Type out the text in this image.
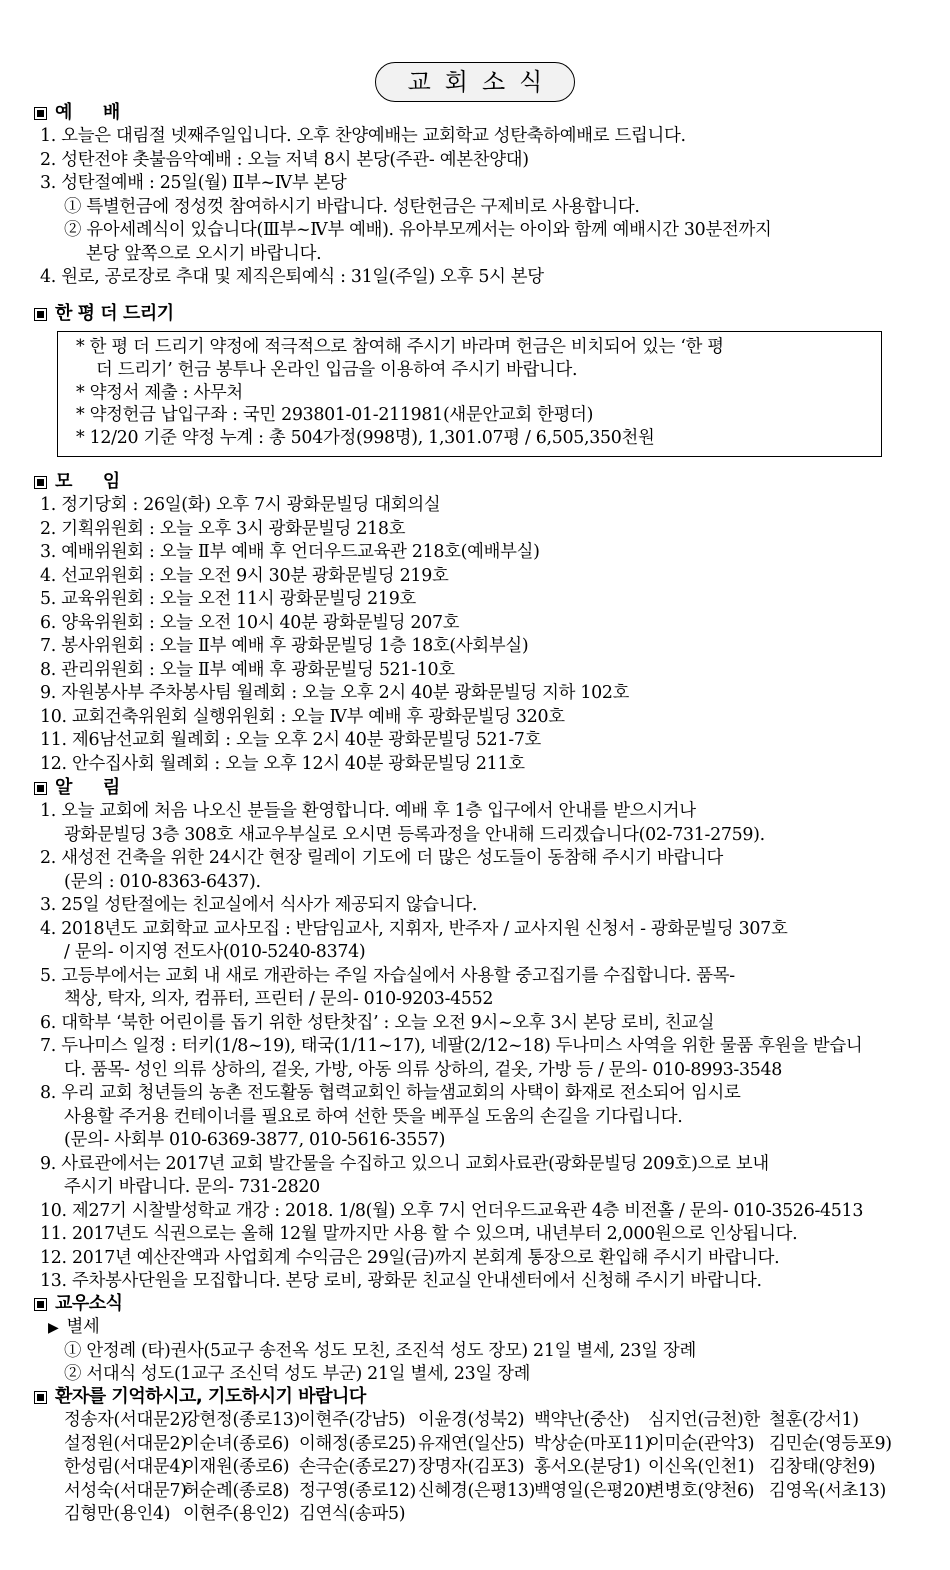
교회소식
예  배
1. 오늘은 대림절 넷째주일입니다. 오후 찬양예배는 교회학교 성탄축하예배로 드립니다.
2. 성탄전야 촛불음악예배 : 오늘 저녁 8시 본당(주관- 예본찬양대)
3. 성탄절예배 : 25일(월) Ⅱ부~Ⅳ부 본당
① 특별헌금에 정성껏 참여하시기 바랍니다. 성탄헌금은 구제비로 사용합니다.
② 유아세례식이 있습니다(Ⅲ부~Ⅳ부 예배). 유아부모께서는 아이와 함께 예배시간 30분전까지
본당 앞쪽으로 오시기 바랍니다.
4. 원로, 공로장로 추대 및 제직은퇴예식 : 31일(주일) 오후 5시 본당
한 평 더 드리기
* 한 평 더 드리기 약정에 적극적으로 참여해 주시기 바라며 헌금은 비치되어 있는 ‘한 평
더 드리기’ 헌금 봉투나 온라인 입금을 이용하여 주시기 바랍니다.
* 약정서 제출 : 사무처
* 약정헌금 납입구좌 : 국민 293801-01-211981(새문안교회 한평더)
* 12/20 기준 약정 누계 : 총 504가정(998명), 1,301.07평 / 6,505,350천원
모  임
1. 정기당회 : 26일(화) 오후 7시 광화문빌딩 대회의실
2. 기획위원회 : 오늘 오후 3시 광화문빌딩 218호
3. 예배위원회 : 오늘 Ⅱ부 예배 후 언더우드교육관 218호(예배부실)
4. 선교위원회 : 오늘 오전 9시 30분 광화문빌딩 219호
5. 교육위원회 : 오늘 오전 11시 광화문빌딩 219호
6. 양육위원회 : 오늘 오전 10시 40분 광화문빌딩 207호
7. 봉사위원회 : 오늘 Ⅱ부 예배 후 광화문빌딩 1층 18호(사회부실)
8. 관리위원회 : 오늘 Ⅱ부 예배 후 광화문빌딩 521-10호
9. 자원봉사부 주차봉사팀 월례회 : 오늘 오후 2시 40분 광화문빌딩 지하 102호
10. 교회건축위원회 실행위원회 : 오늘 Ⅳ부 예배 후 광화문빌딩 320호
11. 제6남선교회 월례회 : 오늘 오후 2시 40분 광화문빌딩 521-7호
12. 안수집사회 월례회 : 오늘 오후 12시 40분 광화문빌딩 211호
알  림
1. 오늘 교회에 처음 나오신 분들을 환영합니다. 예배 후 1층 입구에서 안내를 받으시거나
광화문빌딩 3층 308호 새교우부실로 오시면 등록과정을 안내해 드리겠습니다(02-731-2759).
2. 새성전 건축을 위한 24시간 현장 릴레이 기도에 더 많은 성도들이 동참해 주시기 바랍니다
(문의 : 010-8363-6437).
3. 25일 성탄절에는 친교실에서 식사가 제공되지 않습니다.
4. 2018년도 교회학교 교사모집 : 반담임교사, 지휘자, 반주자 / 교사지원 신청서 - 광화문빌딩 307호
/ 문의- 이지영 전도사(010-5240-8374)
5. 고등부에서는 교회 내 새로 개관하는 주일 자습실에서 사용할 중고집기를 수집합니다. 품목-
책상, 탁자, 의자, 컴퓨터, 프린터 / 문의- 010-9203-4552
6. 대학부 ‘북한 어린이를 돕기 위한 성탄찻집’ : 오늘 오전 9시~오후 3시 본당 로비, 친교실
7. 두나미스 일정 : 터키(1/8~19), 태국(1/11~17), 네팔(2/12~18) 두나미스 사역을 위한 물품 후원을 받습니
다. 품목- 성인 의류 상하의, 겉옷, 가방, 아동 의류 상하의, 겉옷, 가방 등 / 문의- 010-8993-3548
8. 우리 교회 청년들의 농촌 전도활동 협력교회인 하늘샘교회의 사택이 화재로 전소되어 임시로
사용할 주거용 컨테이너를 필요로 하여 선한 뜻을 베푸실 도움의 손길을 기다립니다.
(문의- 사회부 010-6369-3877, 010-5616-3557)
9. 사료관에서는 2017년 교회 발간물을 수집하고 있으니 교회사료관(광화문빌딩 209호)으로 보내
주시기 바랍니다. 문의- 731-2820
10. 제27기 시찰발성학교 개강 : 2018. 1/8(월) 오후 7시 언더우드교육관 4층 비전홀 / 문의- 010-3526-4513
11. 2017년도 식권으로는 올해 12월 말까지만 사용 할 수 있으며, 내년부터 2,000원으로 인상됩니다.
12. 2017년 예산잔액과 사업회계 수익금은 29일(금)까지 본회계 통장으로 환입해 주시기 바랍니다.
13. 주차봉사단원을 모집합니다. 본당 로비, 광화문 친교실 안내센터에서 신청해 주시기 바랍니다.
교우소식
▶ 별세
① 안정례 (타)권사(5교구 송전옥 성도 모친, 조진석 성도 장모) 21일 별세, 23일 장례
② 서대식 성도(1교구 조신덕 성도 부군) 21일 별세, 23일 장례
환자를 기억하시고, 기도하시기 바랍니다
정송자(서대문2)
강현정(종로13) 이현주(강남5) 이윤경(성북2) 백약난(중산)	심지언(금천)한 철훈(강서1)
설정원(서대문2)
이순녀(종로6) 이해정(종로25) 유재연(일산5) 박상순(마포11)
이미순(관악3) 김민순(영등포9)
한성림(서대문4)
이재원(종로6) 손극순(종로27) 장명자(김포3) 홍서오(분당1) 이신옥(인천1) 김창태(양천9)
서성숙(서대문7)
허순례(종로8) 정구영(종로12) 신혜경(은평13) 백영일(은평20)
변병호(양천6) 김영옥(서초13)
김형만(용인4) 이현주(용인2) 김연식(송파5)
